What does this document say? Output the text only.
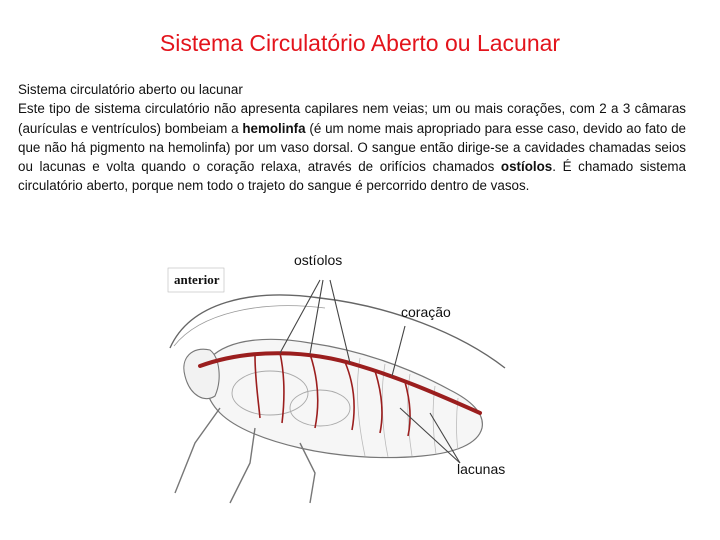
Sistema Circulatório Aberto ou Lacunar

Sistema circulatório aberto ou lacunar

Este tipo de sistema circulatório não apresenta capilares nem veias; um ou mais corações, com 2 a 3 câmaras (aurículas e ventrículos) bombeiam a hemolinfa (é um nome mais apropriado para esse caso, devido ao fato de que não há pigmento na hemolinfa) por um vaso dorsal. O sangue então dirige-se a cavidades chamadas seios ou lacunas e volta quando o coração relaxa, através de orifícios chamados ostíolos. É chamado sistema circulatório aberto, porque nem todo o trajeto do sangue é percorrido dentro de vasos.

anterior
ostíolos
coração
lacunas
